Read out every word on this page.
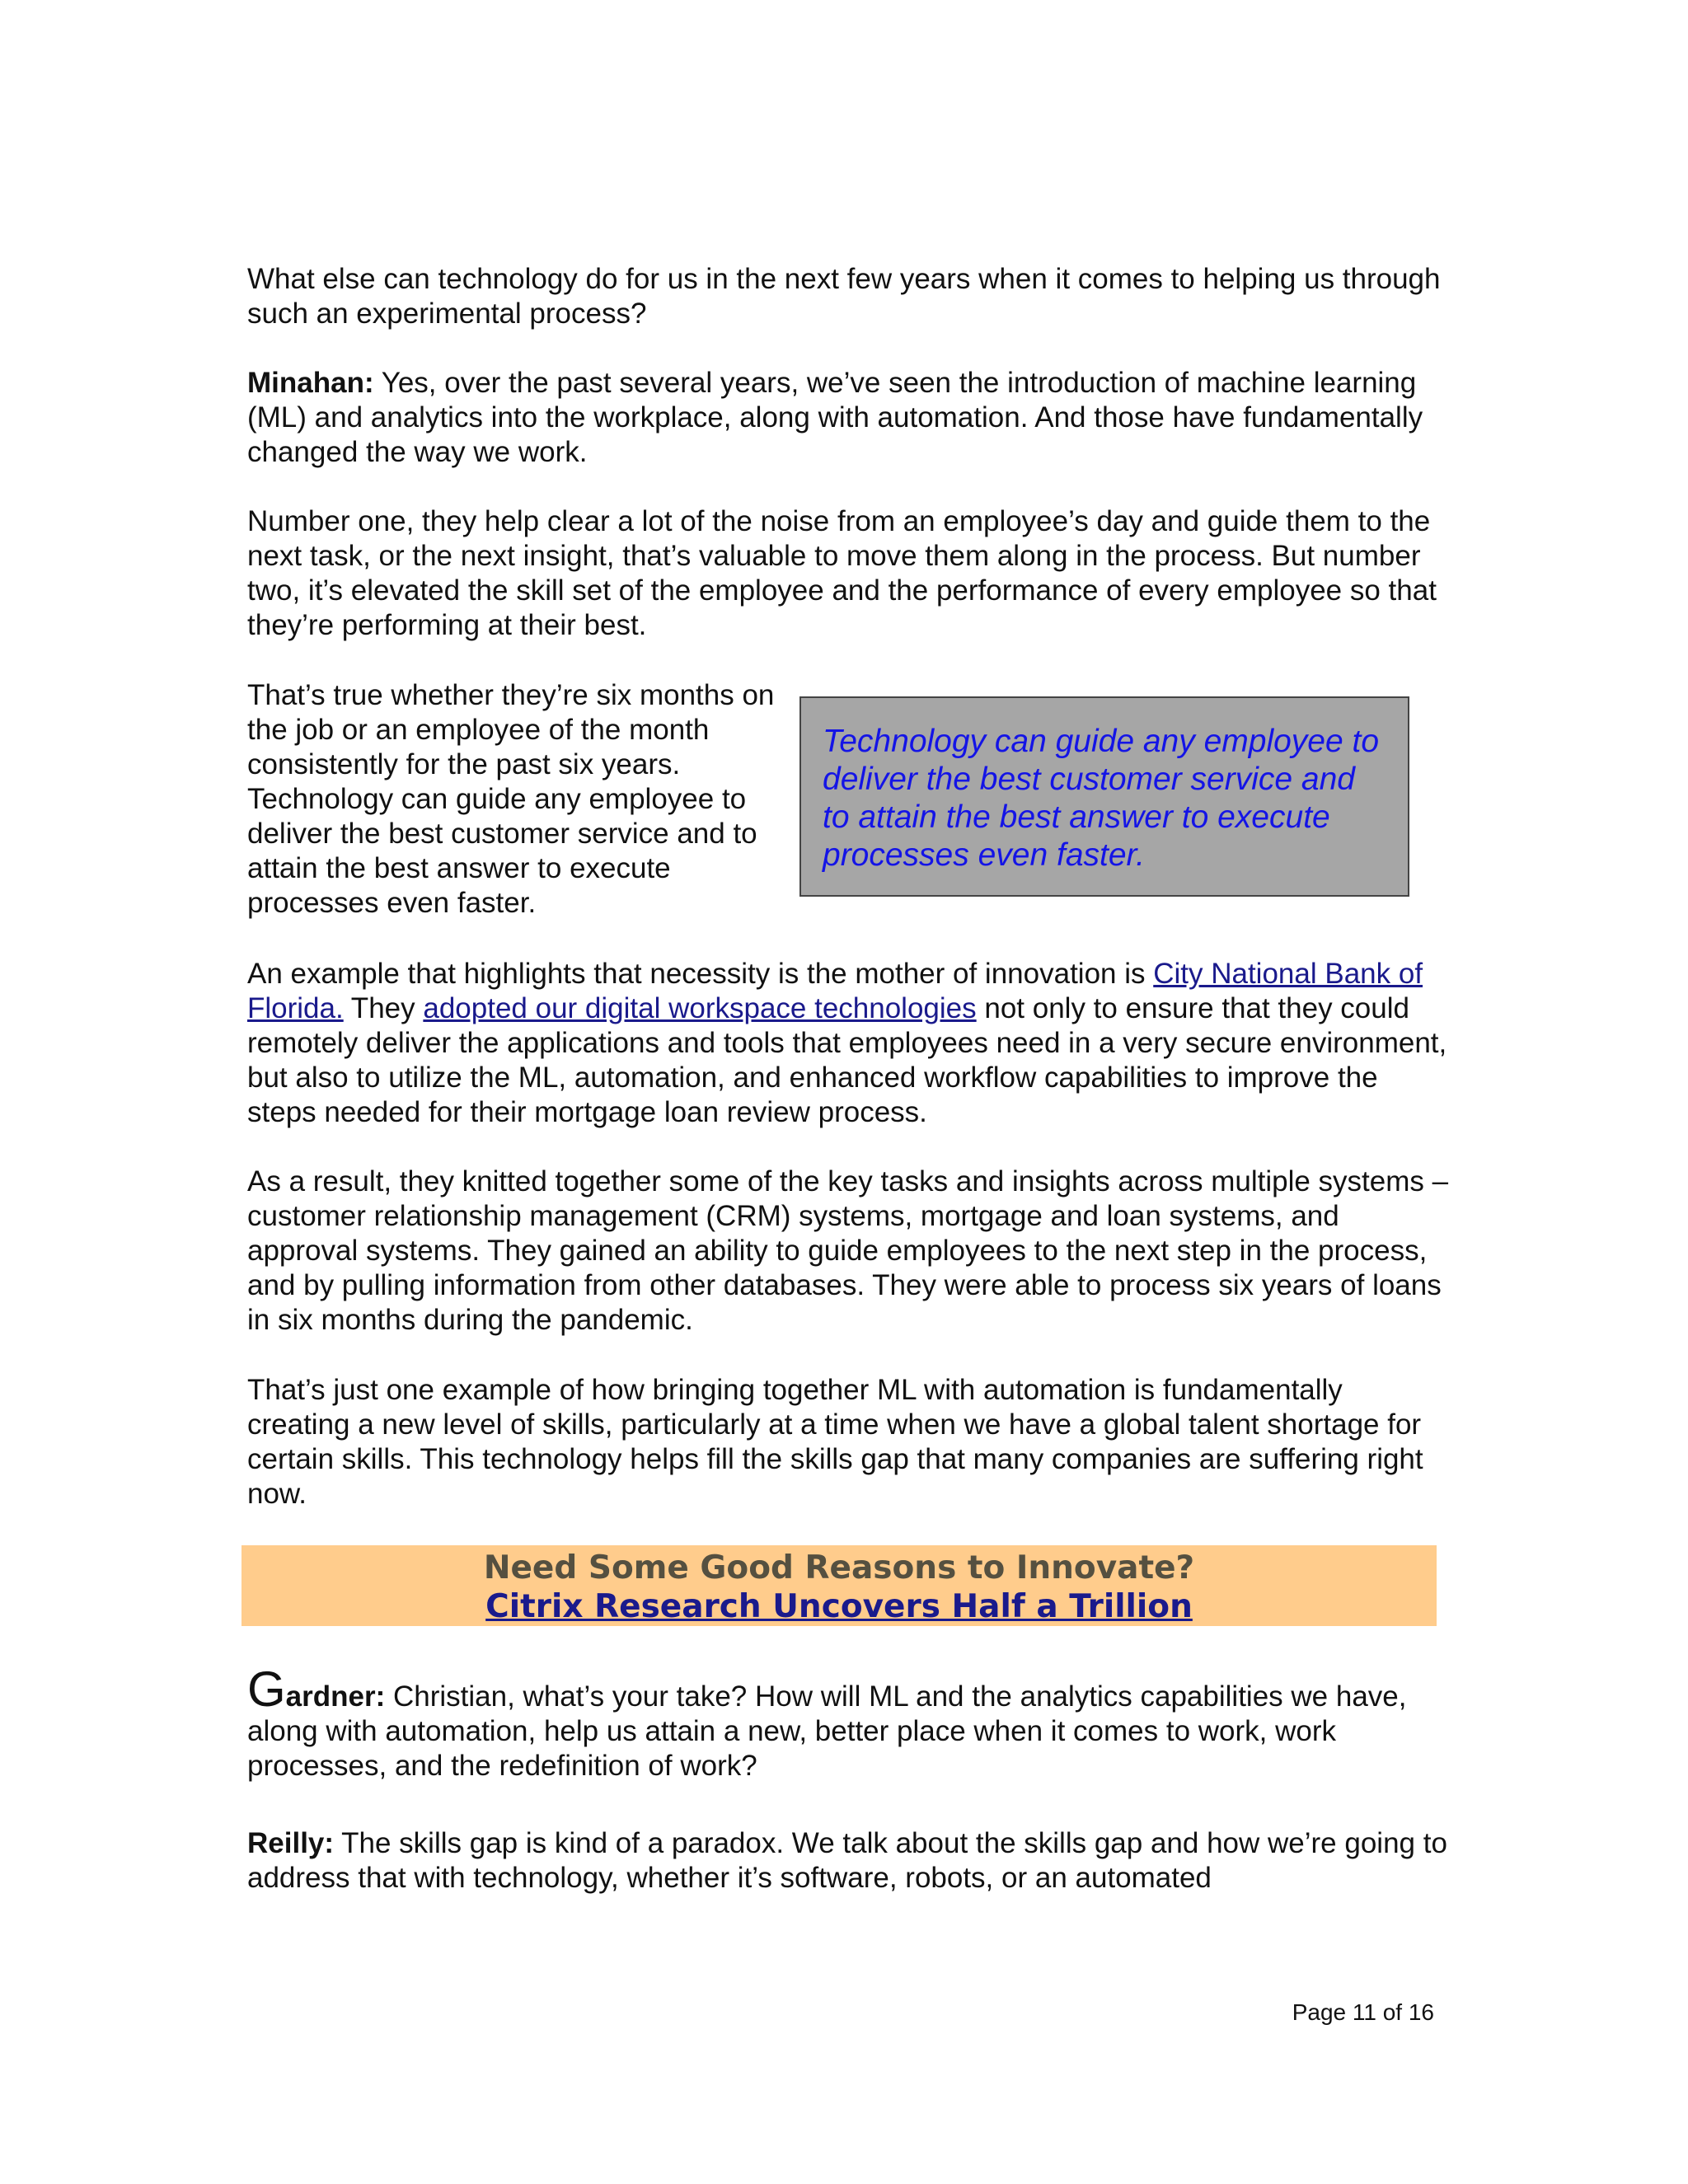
What else can technology do for us in the next few years when it comes to helping us through such an experimental process?

Minahan: Yes, over the past several years, we’ve seen the introduction of machine learning (ML) and analytics into the workplace, along with automation. And those have fundamentally changed the way we work.

Number one, they help clear a lot of the noise from an employee’s day and guide them to the next task, or the next insight, that’s valuable to move them along in the process. But number two, it’s elevated the skill set of the employee and the performance of every employee so that they’re performing at their best.

That’s true whether they’re six months on the job or an employee of the month consistently for the past six years. Technology can guide any employee to deliver the best customer service and to attain the best answer to execute processes even faster.

Technology can guide any employee to deliver the best customer service and to attain the best answer to execute processes even faster.

An example that highlights that necessity is the mother of innovation is City National Bank of Florida. They adopted our digital workspace technologies not only to ensure that they could remotely deliver the applications and tools that employees need in a very secure environment, but also to utilize the ML, automation, and enhanced workflow capabilities to improve the steps needed for their mortgage loan review process.

As a result, they knitted together some of the key tasks and insights across multiple systems – customer relationship management (CRM) systems, mortgage and loan systems, and approval systems. They gained an ability to guide employees to the next step in the process, and by pulling information from other databases. They were able to process six years of loans in six months during the pandemic.

That’s just one example of how bringing together ML with automation is fundamentally creating a new level of skills, particularly at a time when we have a global talent shortage for certain skills. This technology helps fill the skills gap that many companies are suffering right now.

Need Some Good Reasons to Innovate?
Citrix Research Uncovers Half a Trillion

Gardner: Christian, what’s your take? How will ML and the analytics capabilities we have, along with automation, help us attain a new, better place when it comes to work, work processes, and the redefinition of work?

Reilly: The skills gap is kind of a paradox. We talk about the skills gap and how we’re going to address that with technology, whether it’s software, robots, or an automated

Page 11 of 16
